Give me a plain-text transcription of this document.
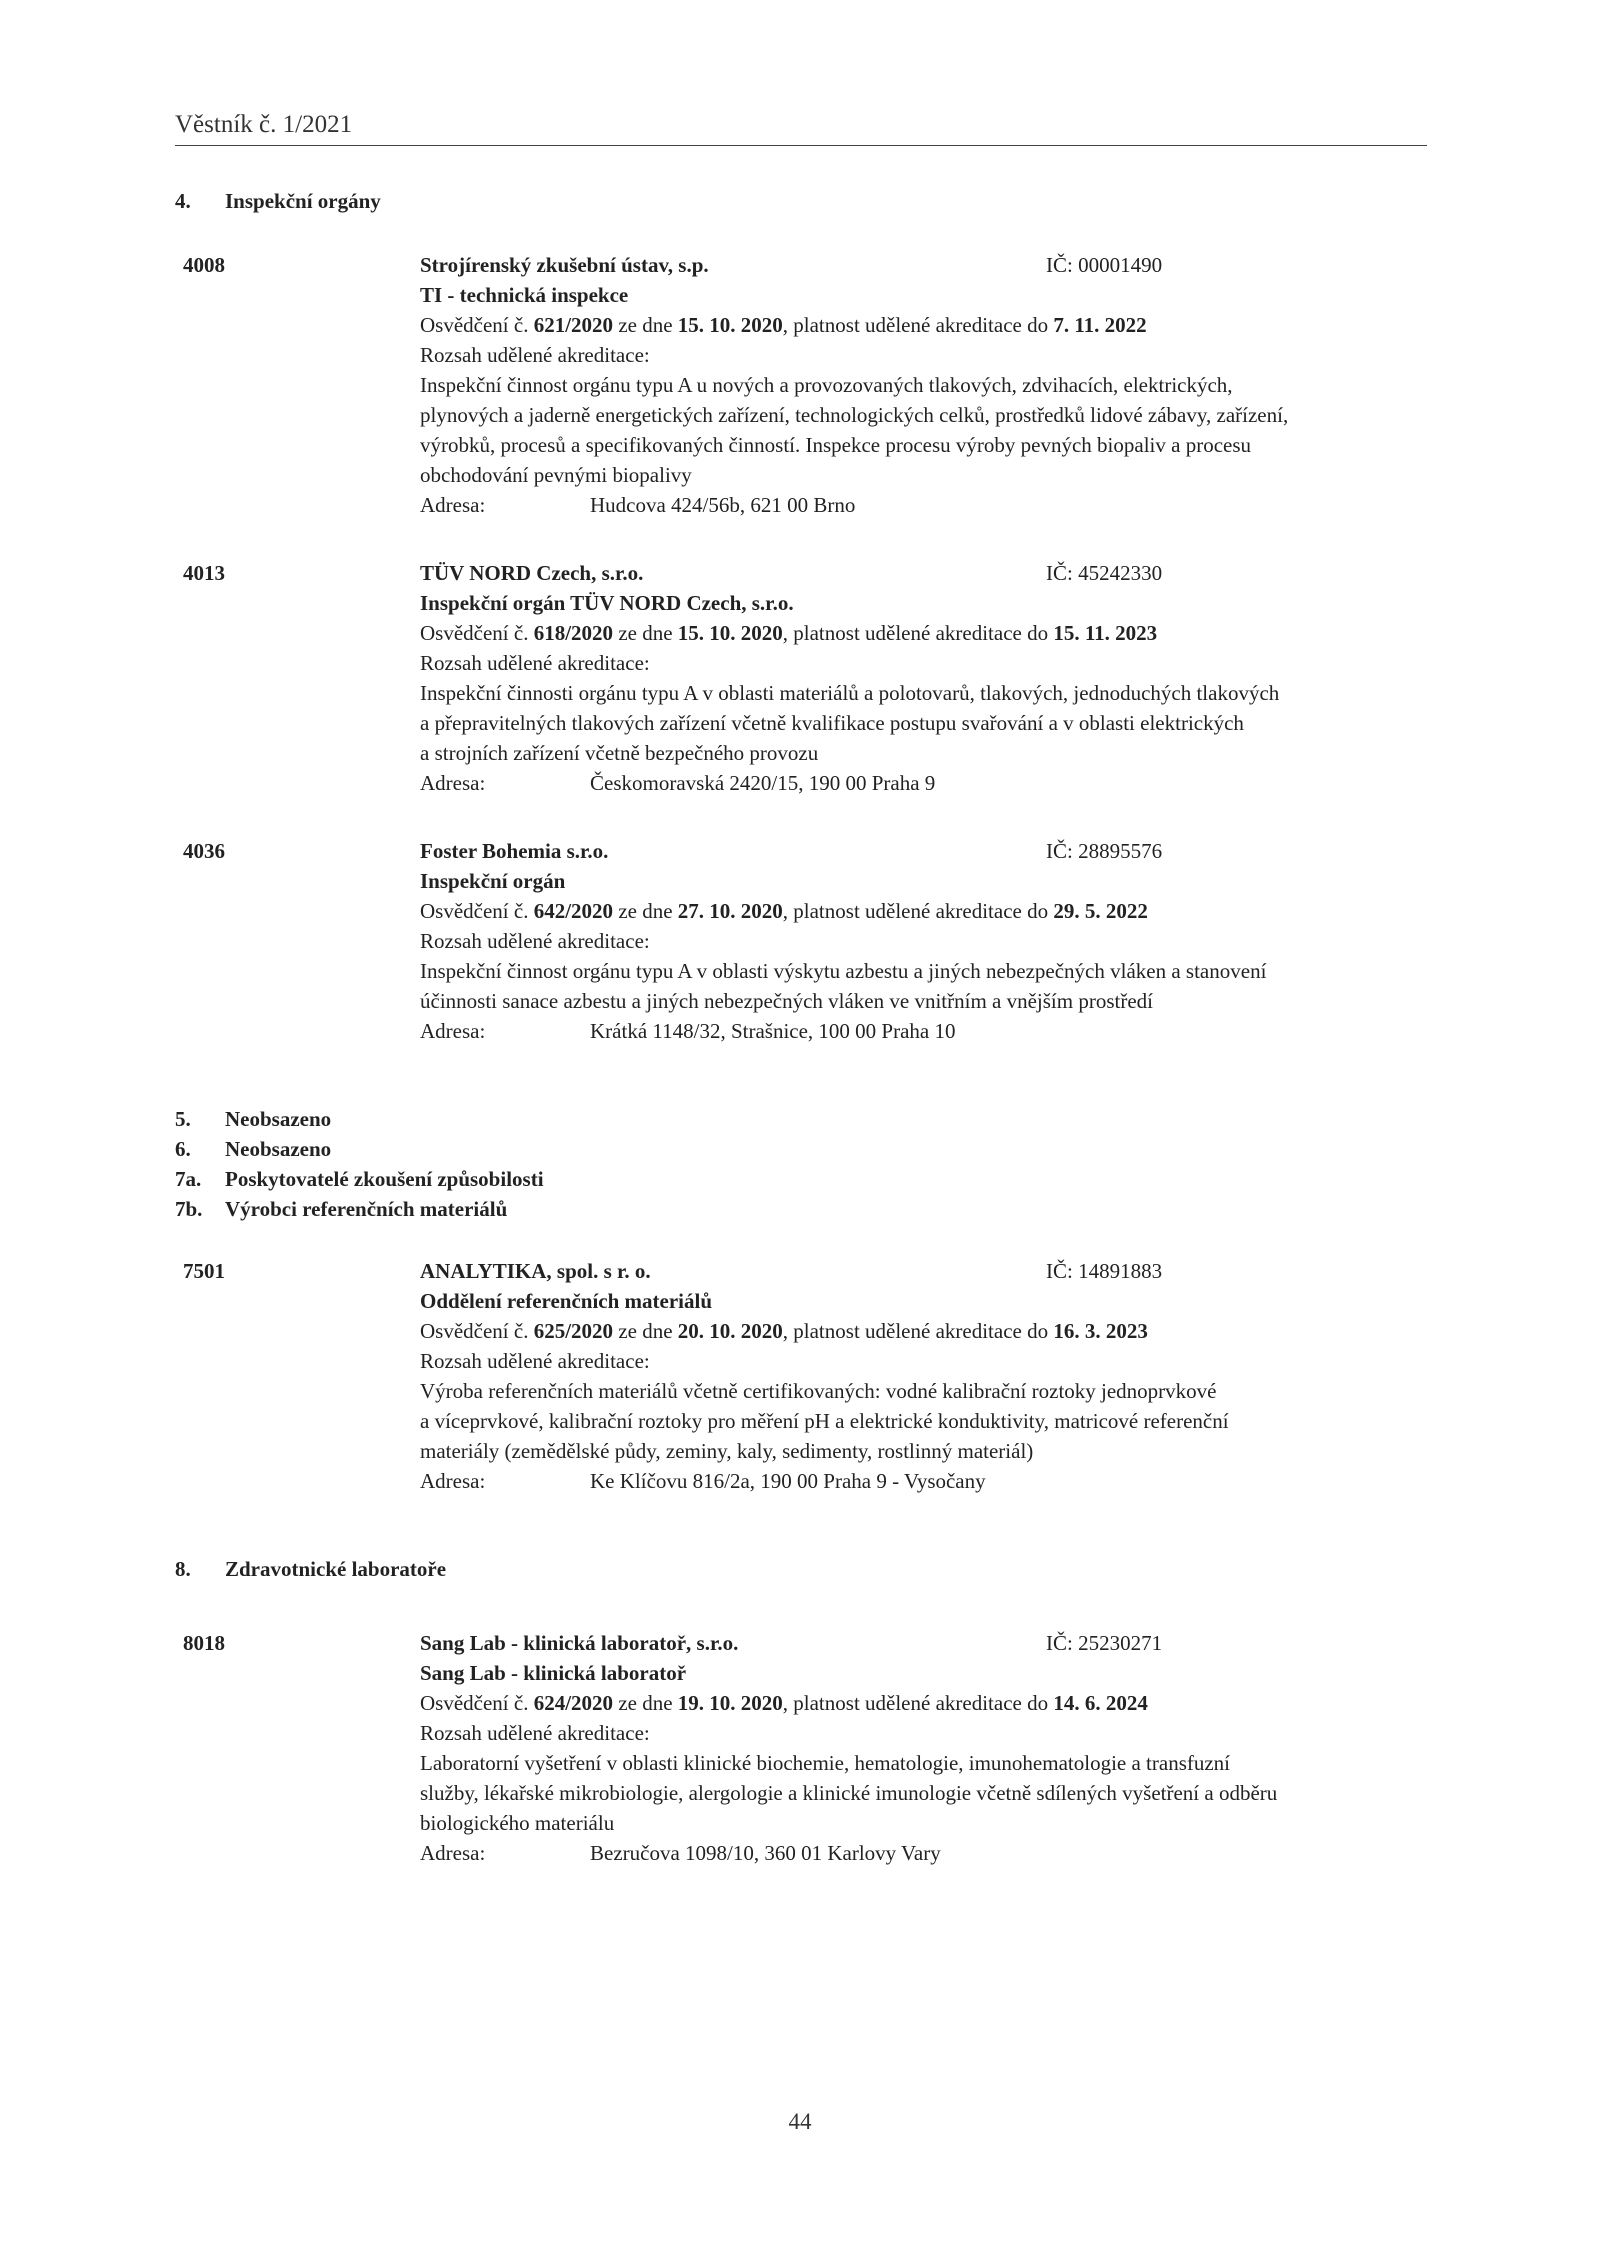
Věstník č. 1/2021
4. Inspekční orgány
4008	Strojírenský zkušební ústav, s.p.	IČ: 00001490
TI - technická inspekce
Osvědčení č. 621/2020 ze dne 15. 10. 2020, platnost udělené akreditace do 7. 11. 2022
Rozsah udělené akreditace:
Inspekční činnost orgánu typu A u nových a provozovaných tlakových, zdvihacích, elektrických,
plynových a jaderně energetických zařízení, technologických celků, prostředků lidové zábavy, zařízení,
výrobků, procesů a specifikovaných činností. Inspekce procesu výroby pevných biopaliv a procesu
obchodování pevnými biopalivy
Adresa:	Hudcova 424/56b, 621 00 Brno
4013	TÜV NORD Czech, s.r.o.	IČ: 45242330
Inspekční orgán TÜV NORD Czech, s.r.o.
Osvědčení č. 618/2020 ze dne 15. 10. 2020, platnost udělené akreditace do 15. 11. 2023
Rozsah udělené akreditace:
Inspekční činnosti orgánu typu A v oblasti materiálů a polotovarů, tlakových, jednoduchých tlakových
a přepravitelných tlakových zařízení včetně kvalifikace postupu svařování a v oblasti elektrických
a strojních zařízení včetně bezpečného provozu
Adresa:	Českomoravská 2420/15, 190 00 Praha 9
4036	Foster Bohemia s.r.o.	IČ: 28895576
Inspekční orgán
Osvědčení č. 642/2020 ze dne 27. 10. 2020, platnost udělené akreditace do 29. 5. 2022
Rozsah udělené akreditace:
Inspekční činnost orgánu typu A v oblasti výskytu azbestu a jiných nebezpečných vláken a stanovení
účinnosti sanace azbestu a jiných nebezpečných vláken ve vnitřním a vnějším prostředí
Adresa:	Krátká 1148/32, Strašnice, 100 00 Praha 10
5. Neobsazeno
6. Neobsazeno
7a. Poskytovatelé zkoušení způsobilosti
7b. Výrobci referenčních materiálů
7501	ANALYTIKA, spol. s r. o.	IČ: 14891883
Oddělení referenčních materiálů
Osvědčení č. 625/2020 ze dne 20. 10. 2020, platnost udělené akreditace do 16. 3. 2023
Rozsah udělené akreditace:
Výroba referenčních materiálů včetně certifikovaných: vodné kalibrační roztoky jednoprvkové
a víceprvkové, kalibrační roztoky pro měření pH a elektrické konduktivity, matricové referenční
materiály (zemědělské půdy, zeminy, kaly, sedimenty, rostlinný materiál)
Adresa:	Ke Klíčovu 816/2a, 190 00 Praha 9 - Vysočany
8. Zdravotnické laboratoře
8018	Sang Lab - klinická laboratoř, s.r.o.	IČ: 25230271
Sang Lab - klinická laboratoř
Osvědčení č. 624/2020 ze dne 19. 10. 2020, platnost udělené akreditace do 14. 6. 2024
Rozsah udělené akreditace:
Laboratorní vyšetření v oblasti klinické biochemie, hematologie, imunohematologie a transfuzní
služby, lékařské mikrobiologie, alergologie a klinické imunologie včetně sdílených vyšetření a odběru
biologického materiálu
Adresa:	Bezručova 1098/10, 360 01 Karlovy Vary
44
